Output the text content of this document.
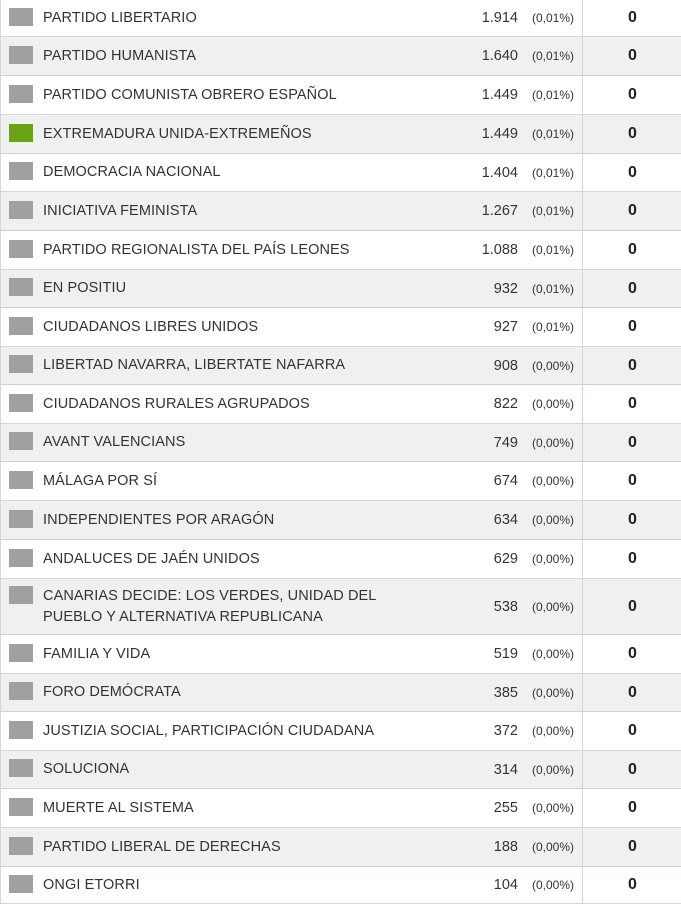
PARTIDO LIBERTARIO	1.914	(0,01%)	0
PARTIDO HUMANISTA	1.640	(0,01%)	0
PARTIDO COMUNISTA OBRERO ESPAÑOL	1.449	(0,01%)	0
EXTREMADURA UNIDA-EXTREMEÑOS	1.449	(0,01%)	0
DEMOCRACIA NACIONAL	1.404	(0,01%)	0
INICIATIVA FEMINISTA	1.267	(0,01%)	0
PARTIDO REGIONALISTA DEL PAÍS LEONES	1.088	(0,01%)	0
EN POSITIU	932	(0,01%)	0
CIUDADANOS LIBRES UNIDOS	927	(0,01%)	0
LIBERTAD NAVARRA, LIBERTATE NAFARRA	908	(0,00%)	0
CIUDADANOS RURALES AGRUPADOS	822	(0,00%)	0
AVANT VALENCIANS	749	(0,00%)	0
MÁLAGA POR SÍ	674	(0,00%)	0
INDEPENDIENTES POR ARAGÓN	634	(0,00%)	0
ANDALUCES DE JAÉN UNIDOS	629	(0,00%)	0
CANARIAS DECIDE: LOS VERDES, UNIDAD DEL PUEBLO Y ALTERNATIVA REPUBLICANA
538	(0,00%)	0
FAMILIA Y VIDA	519	(0,00%)	0
FORO DEMÓCRATA	385	(0,00%)	0
JUSTIZIA SOCIAL, PARTICIPACIÓN CIUDADANA	372	(0,00%)	0
SOLUCIONA	314	(0,00%)	0
MUERTE AL SISTEMA	255	(0,00%)	0
PARTIDO LIBERAL DE DERECHAS	188	(0,00%)	0
ONGI ETORRI	104	(0,00%)	0
